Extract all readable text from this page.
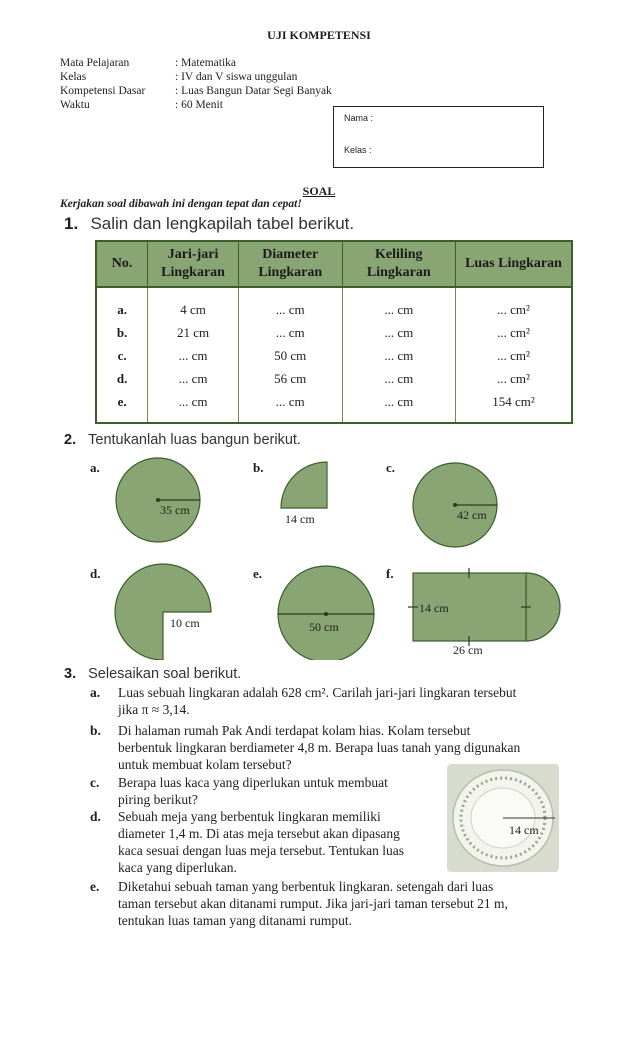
UJI KOMPETENSI
Mata Pelajaran	: Matematika
Kelas	: IV dan V siswa unggulan
Kompetensi Dasar	: Luas Bangun Datar Segi Banyak
Waktu	: 60 Menit
Nama :
Kelas :
SOAL
Kerjakan soal dibawah ini dengan tepat dan cepat!
1. Salin dan lengkapilah tabel berikut.
No.	Jari-jari Lingkaran	Diameter Lingkaran	Keliling Lingkaran	Luas Lingkaran
a.	4 cm	... cm	... cm	... cm²
b.	21 cm	... cm	... cm	... cm²
c.	... cm	50 cm	... cm	... cm²
d.	... cm	56 cm	... cm	... cm²
e.	... cm	... cm	... cm	154 cm²
2. Tentukanlah luas bangun berikut.
a.	b.	c.
d.	e.	f.
35 cm
14 cm	42 cm
10 cm	50 cm
14 cm
26 cm
3. Selesaikan soal berikut.
14 cm
a. Luas sebuah lingkaran adalah 628 cm². Carilah jari-jari lingkaran tersebut
jika π ≈ 3,14.
b. Di halaman rumah Pak Andi terdapat kolam hias. Kolam tersebut
berbentuk lingkaran berdiameter 4,8 m. Berapa luas tanah yang digunakan
untuk membuat kolam tersebut?
c. Berapa luas kaca yang diperlukan untuk membuat
piring berikut?
d. Sebuah meja yang berbentuk lingkaran memiliki
diameter 1,4 m. Di atas meja tersebut akan dipasang
kaca sesuai dengan luas meja tersebut. Tentukan luas
kaca yang diperlukan.
e. Diketahui sebuah taman yang berbentuk lingkaran. setengah dari luas
taman tersebut akan ditanami rumput. Jika jari-jari taman tersebut 21 m,
tentukan luas taman yang ditanami rumput.
